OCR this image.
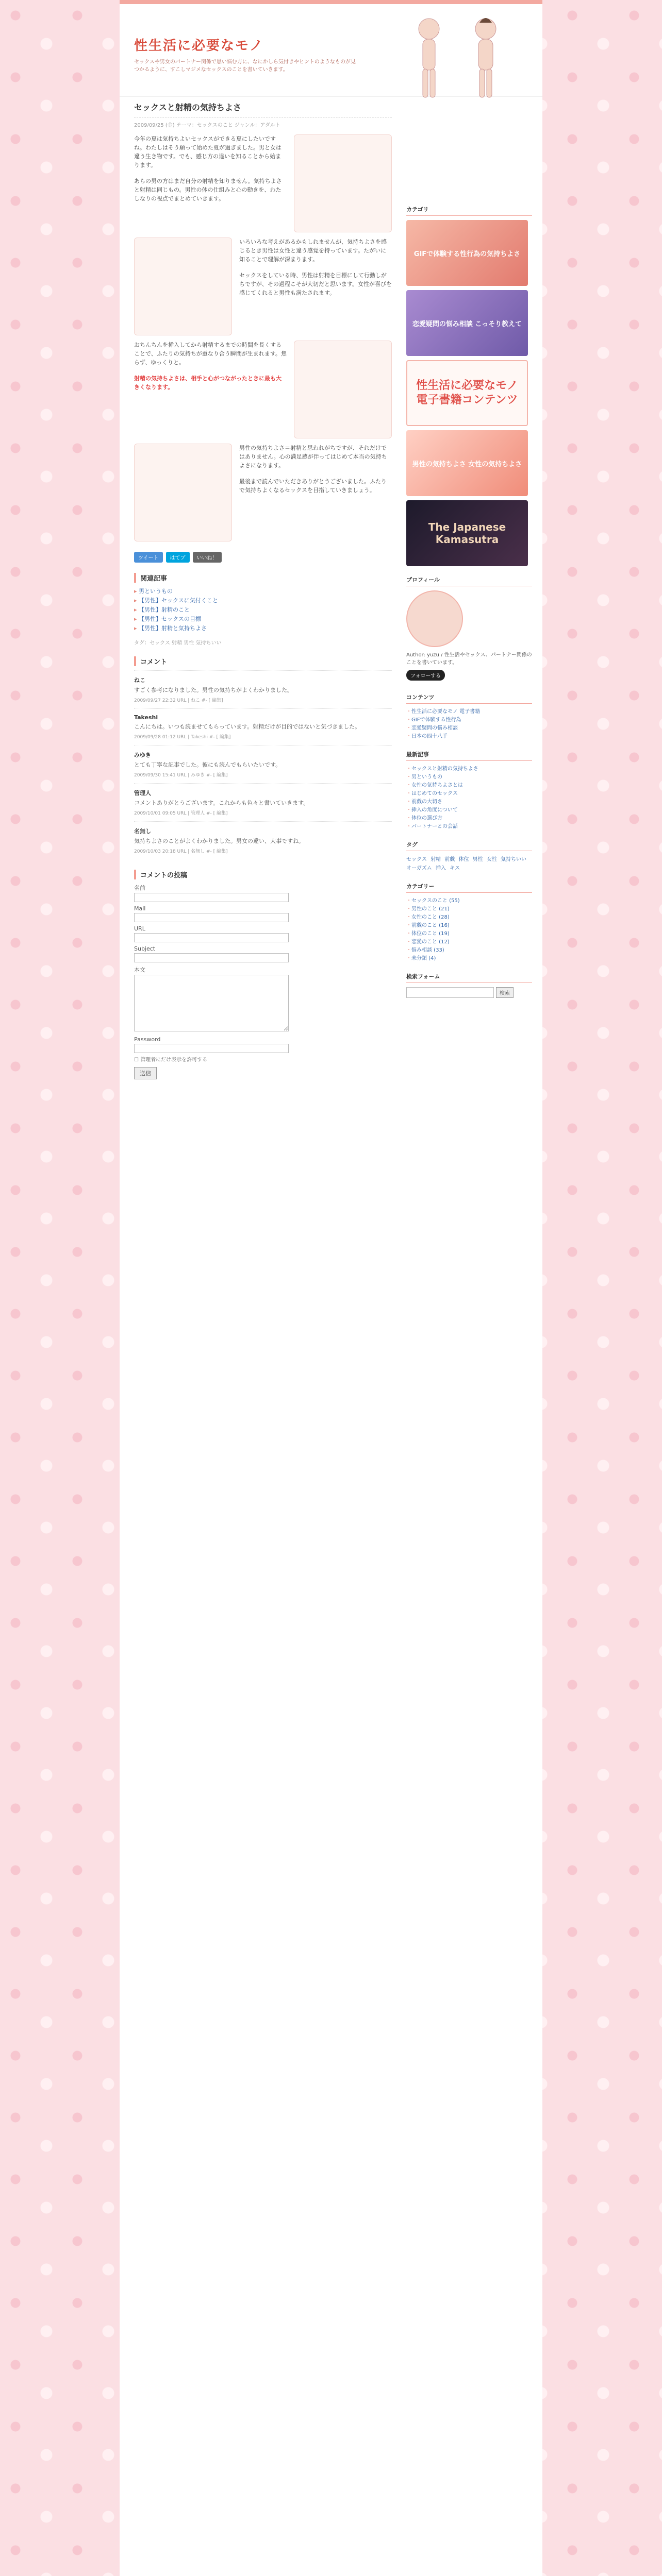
性生活に必要なモノ
セックスや男女のパートナー関係で思い悩む方に、なにかしら気付きやヒントのようなものが見つかるように、すこしマジメなセックスのことを書いていきます。
セックスと射精の気持ちよさ
2009/09/25 (金) テーマ：セックスのこと ジャンル：アダルト

今年の夏は気持ちよいセックスができる夏にしたいですね。わたしはそう願って始めた夏が過ぎました。男と女は違う生き物です。でも、感じ方の違いを知ることから始まります。

あらの男の方はまだ自分の射精を知りません。気持ちよさと射精は同じもの。男性の体の仕組みと心の動きを、わたしなりの視点でまとめていきます。

いろいろな考えがあるかもしれませんが、気持ちよさを感じるとき男性は女性と違う感覚を持っています。たがいに知ることで理解が深まります。

セックスをしている時、男性は射精を目標にして行動しがちですが、その過程こそが大切だと思います。女性が喜びを感じてくれると男性も満たされます。

おちんちんを挿入してから射精するまでの時間を長くすることで、ふたりの気持ちが重なり合う瞬間が生まれます。焦らず、ゆっくりと。

射精の気持ちよさは、相手と心がつながったときに最も大きくなります。

男性の気持ちよさ＝射精と思われがちですが、それだけではありません。心の満足感が伴ってはじめて本当の気持ちよさになります。

最後まで読んでいただきありがとうございました。ふたりで気持ちよくなるセックスを目指していきましょう。

ツイート	はてブ	いいね！
関連記事
▸ 男というもの
▸ 【男性】セックスに気付くこと
▸ 【男性】射精のこと
▸ 【男性】セックスの目標
▸ 【男性】射精と気持ちよさ
タグ：セックス 射精 男性 気持ちいい
コメント
ねこ
すごく参考になりました。男性の気持ちがよくわかりました。
2009/09/27 22:32 URL | ねこ #- [ 編集]
Takeshi
こんにちは。いつも読ませてもらっています。射精だけが目的ではないと気づきました。
2009/09/28 01:12 URL | Takeshi #- [ 編集]
みゆき
とても丁寧な記事でした。彼にも読んでもらいたいです。
2009/09/30 15:41 URL | みゆき #- [ 編集]
管理人
コメントありがとうございます。これからも色々と書いていきます。
2009/10/01 09:05 URL | 管理人 #- [ 編集]
名無し
気持ちよさのことがよくわかりました。男女の違い、大事ですね。
2009/10/03 20:18 URL | 名無し #- [ 編集]
コメントの投稿
名前
Mail
URL
Subject
本文
Password
☐ 管理者にだけ表示を許可する
送信
カテゴリ
GIFで体験する性行為の気持ちよさ
恋愛疑問の悩み相談 こっそり教えて
性生活に必要なモノ 電子書籍コンテンツ
男性の気持ちよさ 女性の気持ちよさ
The Japanese Kamasutra
プロフィール
Author: yuzu / 性生活やセックス、パートナー関係のことを書いています。
フォローする
コンテンツ
・ 性生活に必要なモノ 電子書籍
・ GIFで体験する性行為
・ 恋愛疑問の悩み相談
・ 日本の四十八手
最新記事
・ セックスと射精の気持ちよさ
・ 男というもの
・ 女性の気持ちよさとは
・ はじめてのセックス
・ 前戯の大切さ
・ 挿入の角度について
・ 体位の選び方
・ パートナーとの会話
タグ
セックス 射精 前戯 体位 男性 女性 気持ちいい オーガズム 挿入 キス
カテゴリー
・ セックスのこと (55)
・ 男性のこと (21)
・ 女性のこと (28)
・ 前戯のこと (16)
・ 体位のこと (19)
・ 恋愛のこと (12)
・ 悩み相談 (33)
・ 未分類 (4)
検索フォーム
検索
